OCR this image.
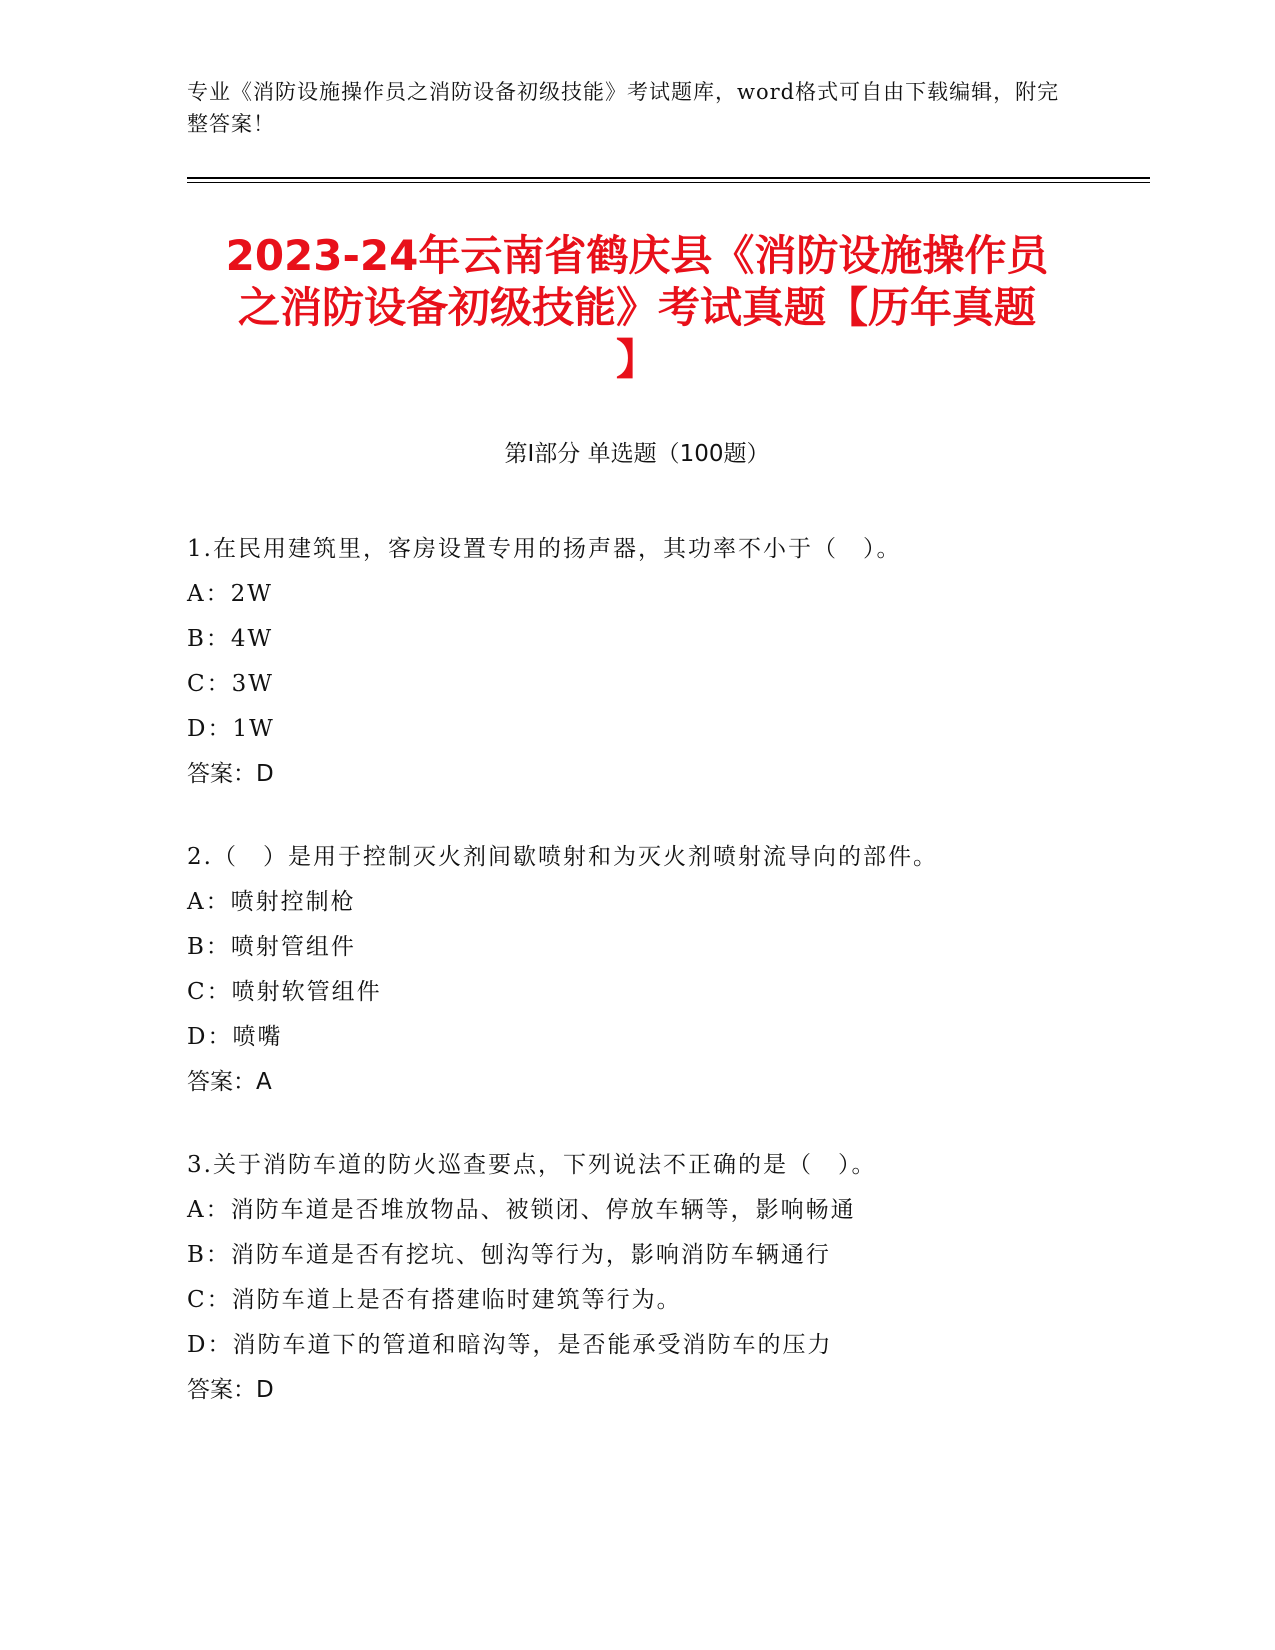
专业《消防设施操作员之消防设备初级技能》考试题库，word格式可自由下载编辑，附完整答案！
2023-24年云南省鹤庆县《消防设施操作员
之消防设备初级技能》考试真题【历年真题
】
第I部分 单选题（100题）
1.在民用建筑里，客房设置专用的扬声器，其功率不小于（　）。
A：2W
B：4W
C：3W
D：1W
答案：D
2.（　）是用于控制灭火剂间歇喷射和为灭火剂喷射流导向的部件。
A：喷射控制枪
B：喷射管组件
C：喷射软管组件
D：喷嘴
答案：A
3.关于消防车道的防火巡查要点，下列说法不正确的是（　）。
A：消防车道是否堆放物品、被锁闭、停放车辆等，影响畅通
B：消防车道是否有挖坑、刨沟等行为，影响消防车辆通行
C：消防车道上是否有搭建临时建筑等行为。
D：消防车道下的管道和暗沟等，是否能承受消防车的压力
答案：D
